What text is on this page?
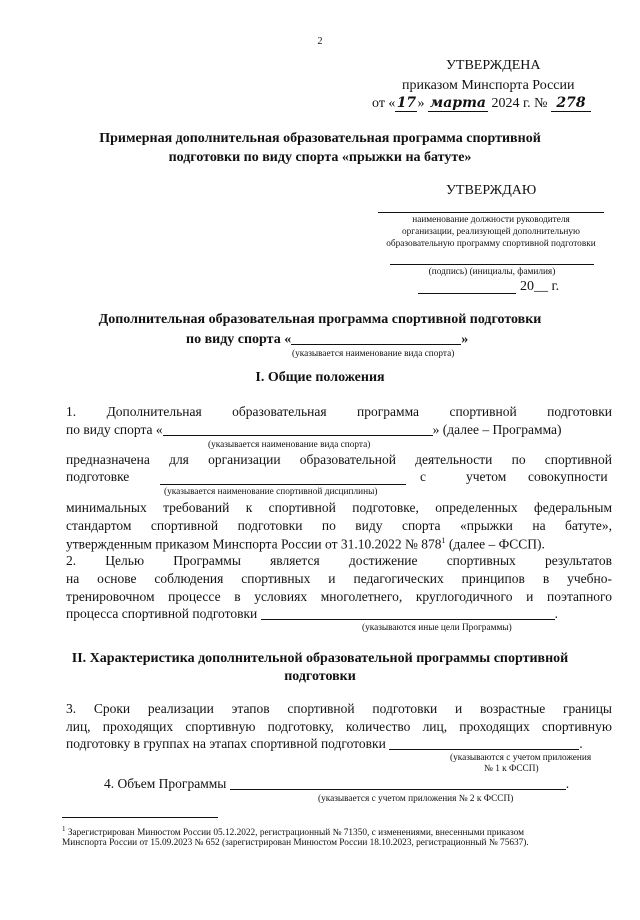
2
УТВЕРЖДЕНА
приказом Минспорта России
от «17» марта 2024 г. № 278
Примерная дополнительная образовательная программа спортивной
подготовки по виду спорта «прыжки на батуте»
УТВЕРЖДАЮ
наименование должности руководителя
организации, реализующей дополнительную
образовательную программу спортивной подготовки
(подпись) (инициалы, фамилия)
20__ г.
Дополнительная образовательная программа спортивной подготовки
по виду спорта «	»
(указывается наименование вида спорта)
I. Общие положения
1. Дополнительная образовательная программа спортивной подготовки
по виду спорта «	» (далее – Программа)
(указывается наименование вида спорта)
предназначена для организации образовательной деятельности по спортивной
подготовке	с	учетом совокупности
(указывается наименование спортивной дисциплины)
минимальных требований к спортивной подготовке, определенных федеральным
стандартом спортивной подготовки по виду спорта «прыжки на батуте»,
утвержденным приказом Минспорта России от 31.10.2022 № $878^1$ (далее – ФССП).
2. Целью Программы является достижение спортивных результатов
на основе соблюдения спортивных и педагогических принципов в учебно-
тренировочном процессе в условиях многолетнего, круглогодичного и поэтапного
процесса спортивной подготовки	.
(указываются иные цели Программы)
II. Характеристика дополнительной образовательной программы спортивной
подготовки
3. Сроки реализации этапов спортивной подготовки и возрастные границы
лиц, проходящих спортивную подготовку, количество лиц, проходящих спортивную
подготовку в группах на этапах спортивной подготовки	.
(указываются с учетом приложения
№ 1 к ФССП)
4. Объем Программы	.
(указывается с учетом приложения № 2 к ФССП)
$^1$ Зарегистрирован Минюстом России 05.12.2022, регистрационный № 71350, с изменениями, внесенными приказом
Минспорта России от 15.09.2023 № 652 (зарегистрирован Минюстом России 18.10.2023, регистрационный № 75637).
